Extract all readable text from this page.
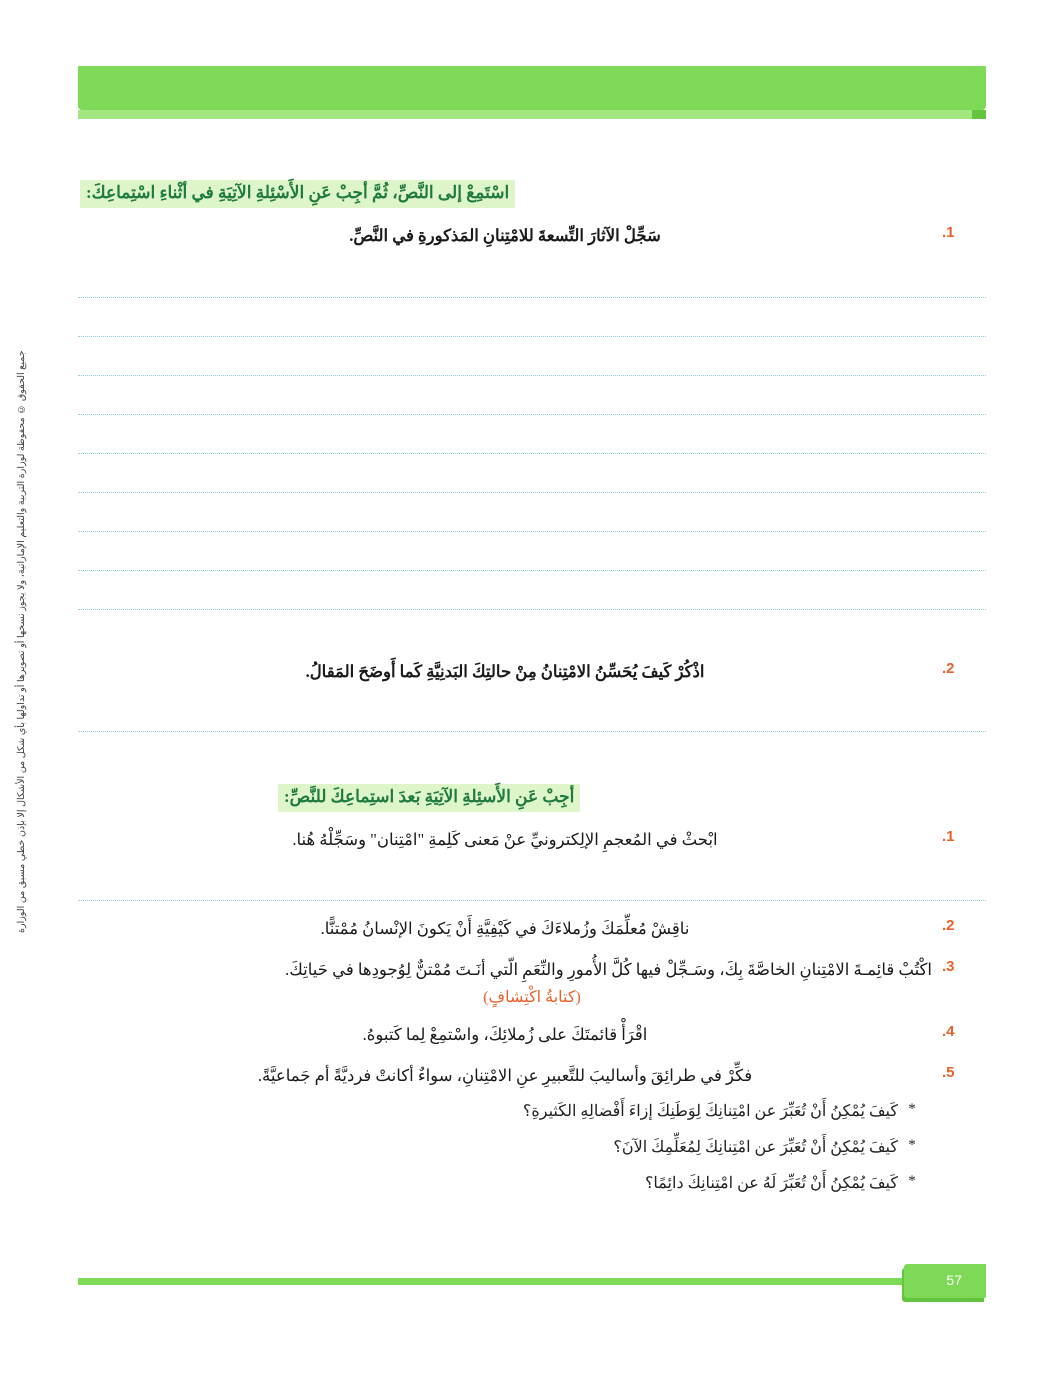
جميع الحقوق © محفوظة لوزارة التربية والتعليم الإماراتية، ولا يجوز نسخها أو تصويرها أو تداولها بأي شكل من الأشكال إلا بإذن خطي مسبق من الوزارة
اسْتَمِعْ إلى النَّصِّ، ثُمَّ أجِبْ عَنِ الأَسْئِلةِ الآتِيَةِ في أثْناءِ اسْتِماعِكَ:
1.
سَجِّلْ الآثارَ التِّسعةَ للامْتِنانِ المَذكورةِ في النَّصِّ.
2.
اذْكُرْ كَيفَ يُحَسِّنُ الامْتِنانُ مِنْ حالتِكَ البَدنِيَّةِ كَما أَوضَحَ المَقالُ.
أجِبْ عَنِ الأَسئِلةِ الآتِيَةِ بَعدَ استِماعِكَ للنَّصِّ:
1.
ابْحثْ في المُعجمِ الإلِكترونيِّ عنْ مَعنى كَلِمةِ "امْتِنان" وسَجِّلْهُ هُنا.
2.
ناقِشْ مُعلِّمَكَ وزُملاءَكَ في كَيْفِيَّةِ أَنْ يَكونَ الإنْسانُ مُمْتنًّا.
3.
اكْتُبْ قائِمـةَ الامْتِنانِ الخاصَّةَ بِكَ، وسَـجِّلْ فيها كُلَّ الأُمورِ والنِّعَمِ الّتي أنَـتَ مُمْتنٌّ لِوُجودِها في حَياتِكَ.
(كتابةُ اكْتِشافٍ)
4.
اقْرَأْ قائمتَكَ على زُملائِكَ، واسْتمِعْ لِما كَتبوهُ.
5.
فكِّرْ في طرائِقَ وأساليبَ للتَّعبيرِ عنِ الامْتِنانِ، سواءٌ أكانتْ فرديَّةً أم جَماعيَّةً.
*
كَيفَ يُمْكِنُ أَنْ تُعَبِّرَ عن امْتِنانِكَ لِوَطَنِكَ إزاءَ أَفْضالِهِ الكَثيرةِ؟
*
كَيفَ يُمْكِنُ أَنْ تُعَبِّرَ عن امْتِنانِكَ لِمُعَلِّمِكَ الآنَ؟
*
كَيفَ يُمْكِنُ أَنْ تُعَبِّرَ لَهُ عن امْتِنانِكَ دائِمًا؟
57
